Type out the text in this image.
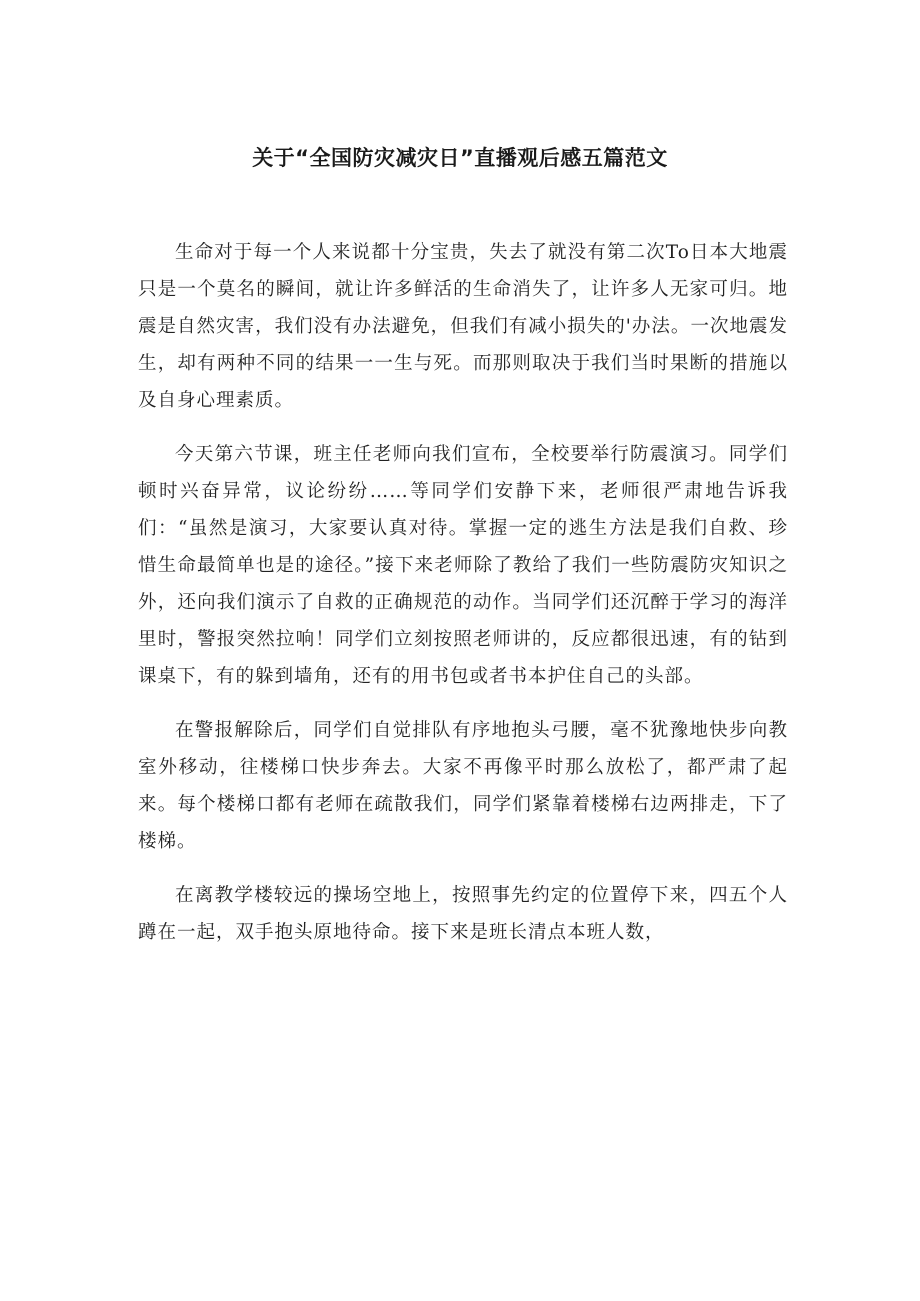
关于“全国防灾减灾日”直播观后感五篇范文

生命对于每一个人来说都十分宝贵，失去了就没有第二次To日本大地震只是一个莫名的瞬间，就让许多鲜活的生命消失了，让许多人无家可归。地震是自然灾害，我们没有办法避免，但我们有减小损失的'办法。一次地震发生，却有两种不同的结果一一生与死。而那则取决于我们当时果断的措施以及自身心理素质。

今天第六节课，班主任老师向我们宣布，全校要举行防震演习。同学们顿时兴奋异常，议论纷纷……等同学们安静下来，老师很严肃地告诉我们：“虽然是演习，大家要认真对待。掌握一定的逃生方法是我们自救、珍惜生命最简单也是的途径。”接下来老师除了教给了我们一些防震防灾知识之外，还向我们演示了自救的正确规范的动作。当同学们还沉醉于学习的海洋里时，警报突然拉响！同学们立刻按照老师讲的，反应都很迅速，有的钻到课桌下，有的躲到墙角，还有的用书包或者书本护住自己的头部。

在警报解除后，同学们自觉排队有序地抱头弓腰，毫不犹豫地快步向教室外移动，往楼梯口快步奔去。大家不再像平时那么放松了，都严肃了起来。每个楼梯口都有老师在疏散我们，同学们紧靠着楼梯右边两排走，下了楼梯。

在离教学楼较远的操场空地上，按照事先约定的位置停下来，四五个人蹲在一起，双手抱头原地待命。接下来是班长清点本班人数，
